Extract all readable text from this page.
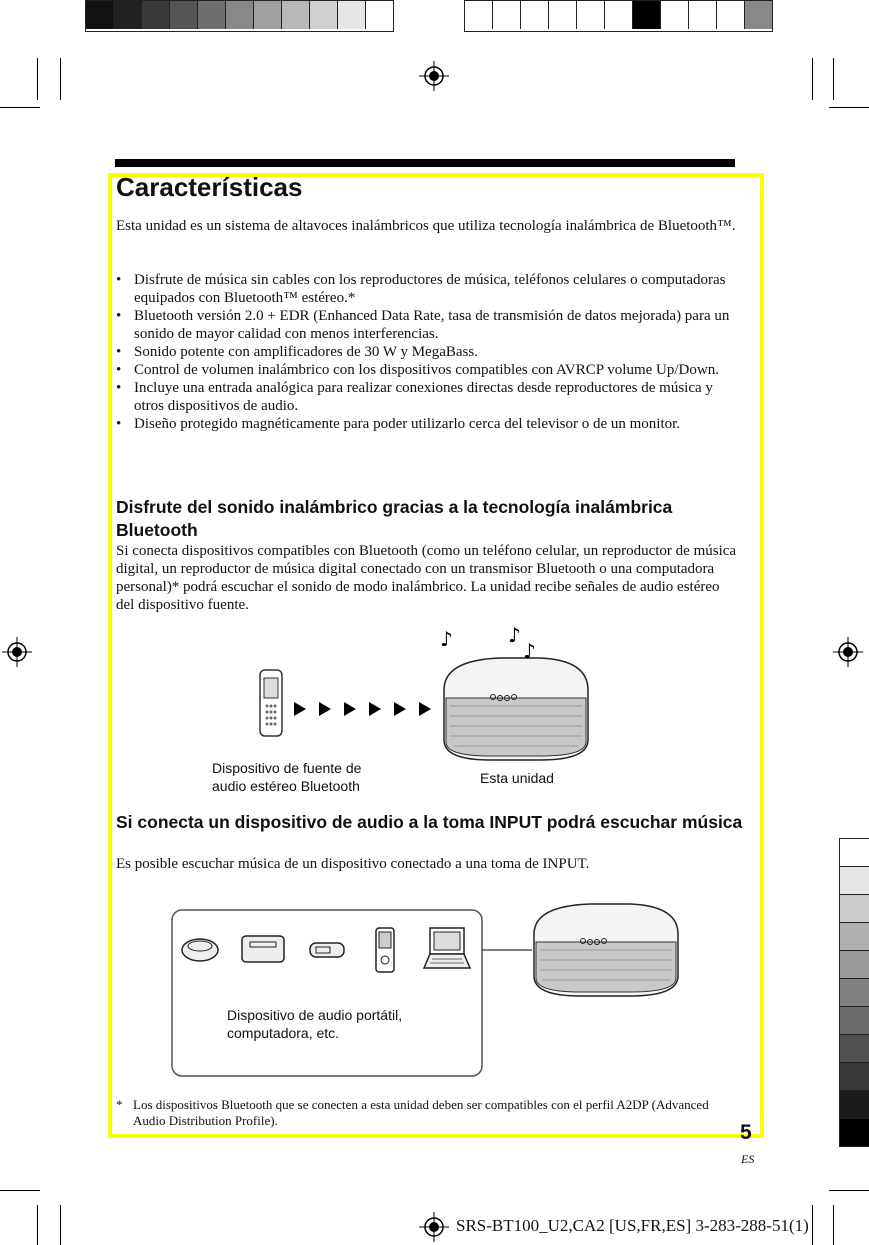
Características
Esta unidad es un sistema de altavoces inalámbricos que utiliza tecnología inalámbrica de Bluetooth™.
• Disfrute de música sin cables con los reproductores de música, teléfonos celulares o computadoras equipados con Bluetooth™ estéreo.*
• Bluetooth versión 2.0 + EDR (Enhanced Data Rate, tasa de transmisión de datos mejorada) para un sonido de mayor calidad con menos interferencias.
• Sonido potente con amplificadores de 30 W y MegaBass.
• Control de volumen inalámbrico con los dispositivos compatibles con AVRCP volume Up/Down.
• Incluye una entrada analógica para realizar conexiones directas desde reproductores de música y otros dispositivos de audio.
• Diseño protegido magnéticamente para poder utilizarlo cerca del televisor o de un monitor.
Disfrute del sonido inalámbrico gracias a la tecnología inalámbrica Bluetooth
Si conecta dispositivos compatibles con Bluetooth (como un teléfono celular, un reproductor de música digital, un reproductor de música digital conectado con un transmisor Bluetooth o una computadora personal)* podrá escuchar el sonido de modo inalámbrico. La unidad recibe señales de audio estéreo del dispositivo fuente.
♪	♪
♪
Dispositivo de fuente de
audio estéreo Bluetooth	Esta unidad
Si conecta un dispositivo de audio a la toma INPUT podrá escuchar música
Es posible escuchar música de un dispositivo conectado a una toma de INPUT.
Dispositivo de audio portátil,
computadora, etc.
* Los dispositivos Bluetooth que se conecten a esta unidad deben ser compatibles con el perfil A2DP (Advanced Audio Distribution Profile).
5
ES
SRS-BT100_U2,CA2 [US,FR,ES] 3-283-288-51(1)
